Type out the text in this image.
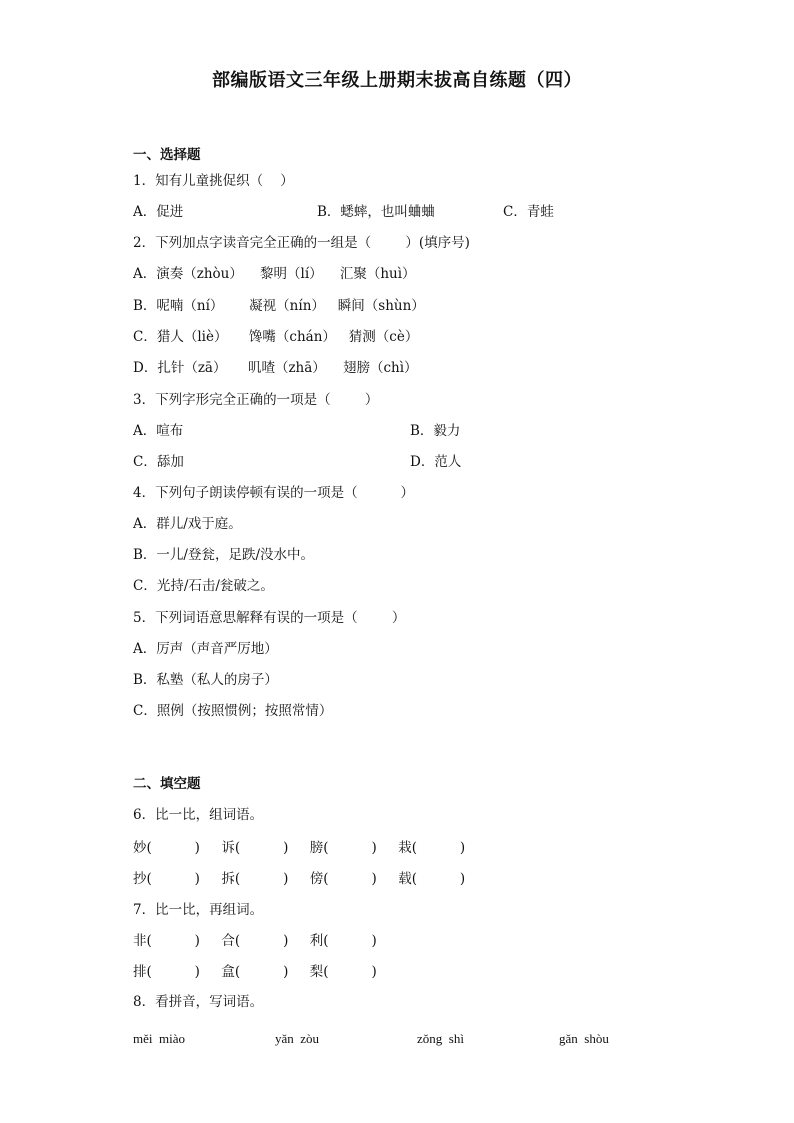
部编版语文三年级上册期末拔高自练题（四）
一、选择题
1．知有儿童挑促织（    ）
A．促进	B．蟋蟀，也叫蛐蛐	C．青蛙
2．下列加点字读音完全正确的一组是（        ）(填序号)
A．演奏（zhòu）    黎明（lí）    汇聚（huì）
B．呢喃（ní）      凝视（nín）   瞬间（shùn）
C．猎人（liè）     馋嘴（chán）   猜测（cè）
D．扎针（zā）     叽喳（zhā）    翅膀（chì）
3．下列字形完全正确的一项是（        ）
A．喧布	B．毅力
C．舔加	D．范人
4．下列句子朗读停顿有误的一项是（          ）
A．群儿/戏于庭。
B．一儿/登瓮，足跌/没水中。
C．光持/石击/瓮破之。
5．下列词语意思解释有误的一项是（        ）
A．厉声（声音严厉地）
B．私塾（私人的房子）
C．照例（按照惯例；按照常情）
二、填空题
6．比一比，组词语。
妙(          )     诉(          )     膀(          )     栽(          )
抄(          )     拆(          )     傍(          )     载(          )
7．比一比，再组词。
非(          )     合(          )     利(          )
排(          )     盒(          )     梨(          )
8．看拼音，写词语。
měi  miào	yǎn  zòu	zǒng  shì	gǎn  shòu
